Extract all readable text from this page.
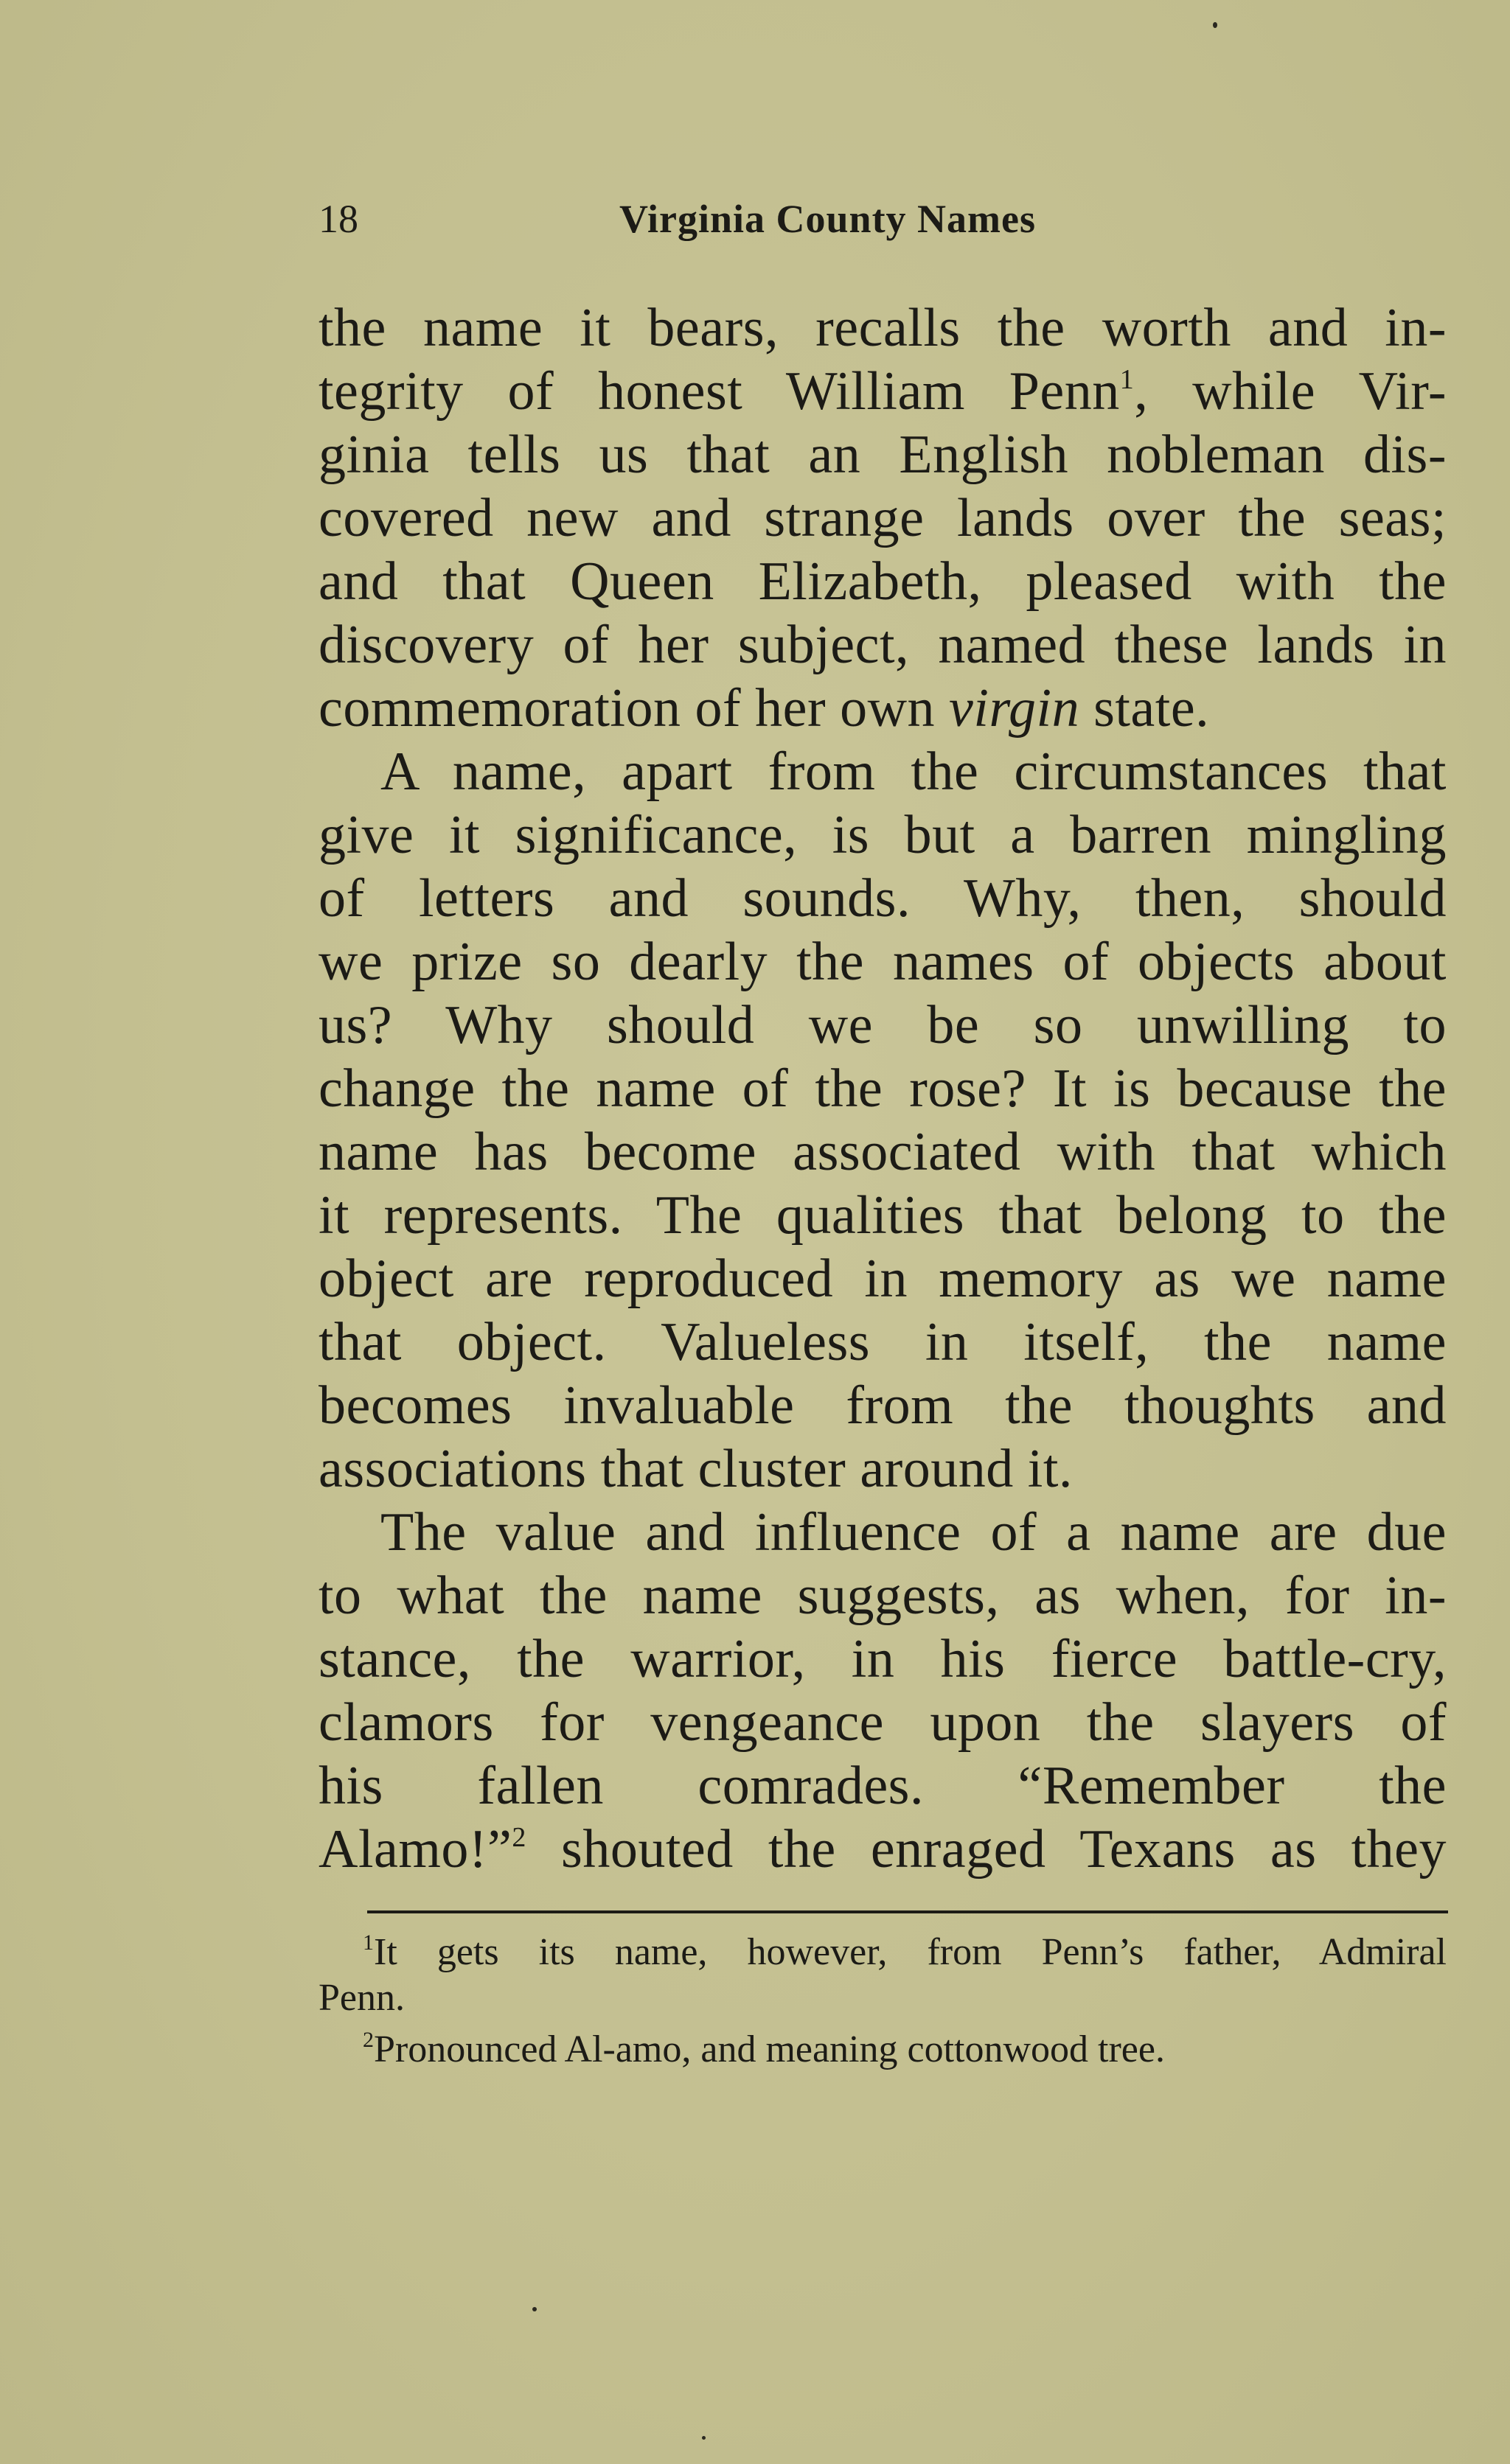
18	Virginia County Names
the name it bears, recalls the worth and in-
tegrity of honest William Penn$^1$, while Vir-
ginia tells us that an English nobleman dis-
covered new and strange lands over the seas;
and that Queen Elizabeth, pleased with the
discovery of her subject, named these lands in
commemoration of her own virgin state.
A name, apart from the circumstances that
give it significance, is but a barren mingling
of letters and sounds. Why, then, should
we prize so dearly the names of objects about
us? Why should we be so unwilling to
change the name of the rose? It is because the
name has become associated with that which
it represents. The qualities that belong to the
object are reproduced in memory as we name
that object. Valueless in itself, the name
becomes invaluable from the thoughts and
associations that cluster around it.
The value and influence of a name are due
to what the name suggests, as when, for in-
stance, the warrior, in his fierce battle-cry,
clamors for vengeance upon the slayers of
his fallen comrades. “Remember the
Alamo!”$^2$ shouted the enraged Texans as they
$^1$It gets its name, however, from Penn’s father, Admiral
Penn.
$^2$Pronounced Al-amo, and meaning cottonwood tree.
